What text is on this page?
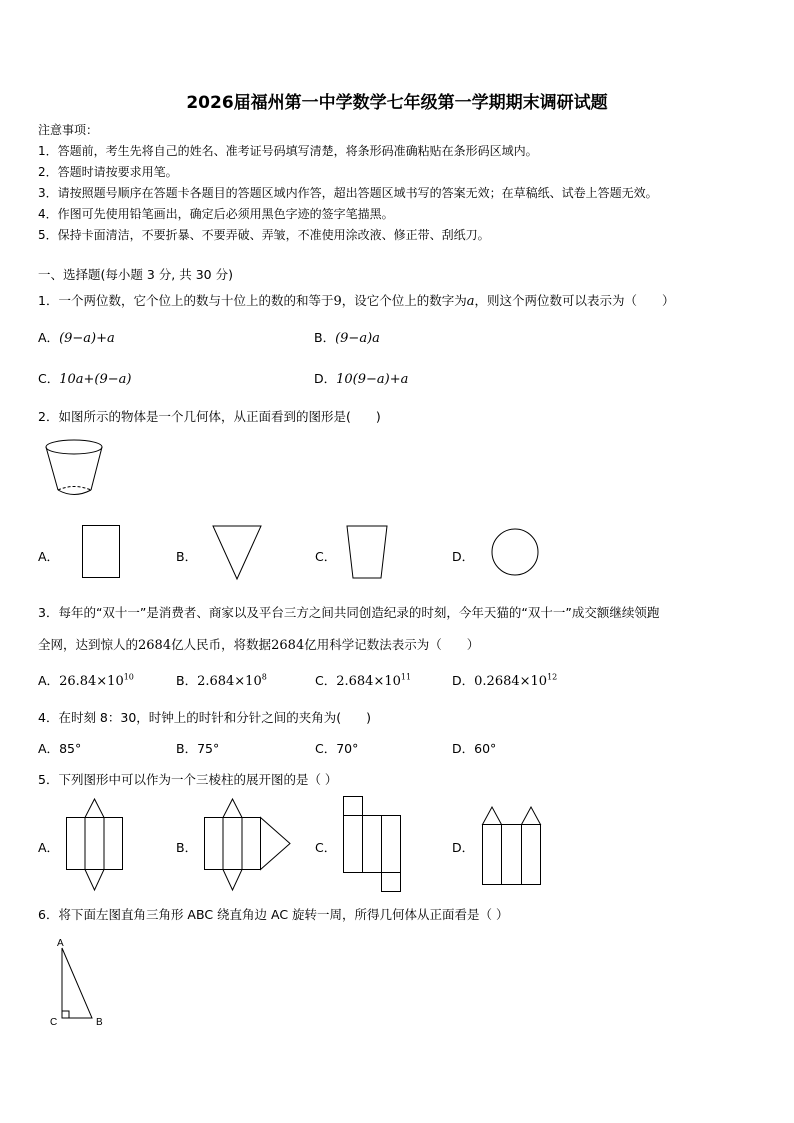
2026届福州第一中学数学七年级第一学期期末调研试题
注意事项：
1．答题前，考生先将自己的姓名、准考证号码填写清楚，将条形码准确粘贴在条形码区域内。
2．答题时请按要求用笔。
3．请按照题号顺序在答题卡各题目的答题区域内作答，超出答题区域书写的答案无效；在草稿纸、试卷上答题无效。
4．作图可先使用铅笔画出，确定后必须用黑色字迹的签字笔描黑。
5．保持卡面清洁，不要折暴、不要弄破、弄皱，不准使用涂改液、修正带、刮纸刀。
一、选择题(每小题 3 分, 共 30 分)
1．一个两位数，它个位上的数与十位上的数的和等于9，设它个位上的数字为a，则这个两位数可以表示为（　　）
A．(9−a)+a	B．(9−a)a
C．10a+(9−a)	D．10(9−a)+a
2．如图所示的物体是一个几何体，从正面看到的图形是(　　)
A．	B．	C．	D．
3．每年的“双十一”是消费者、商家以及平台三方之间共同创造纪录的时刻，今年天猫的“双十一”成交额继续领跑
全网，达到惊人的2684亿人民币，将数据2684亿用科学记数法表示为（　　）
A．$26.84\times 10^{10}$	B．$2.684\times 10^8$	C．$2.684\times 10^{11}$	D．$0.2684\times 10^{12}$
4．在时刻 8：30，时钟上的时针和分针之间的夹角为(　　)
A．85°	B．75°	C．70°	D．60°
5．下列图形中可以作为一个三棱柱的展开图的是（ ）
A．	B．	C．	D．
6．将下面左图直角三角形 ABC 绕直角边 AC 旋转一周，所得几何体从正面看是（ ）
A
C	B
